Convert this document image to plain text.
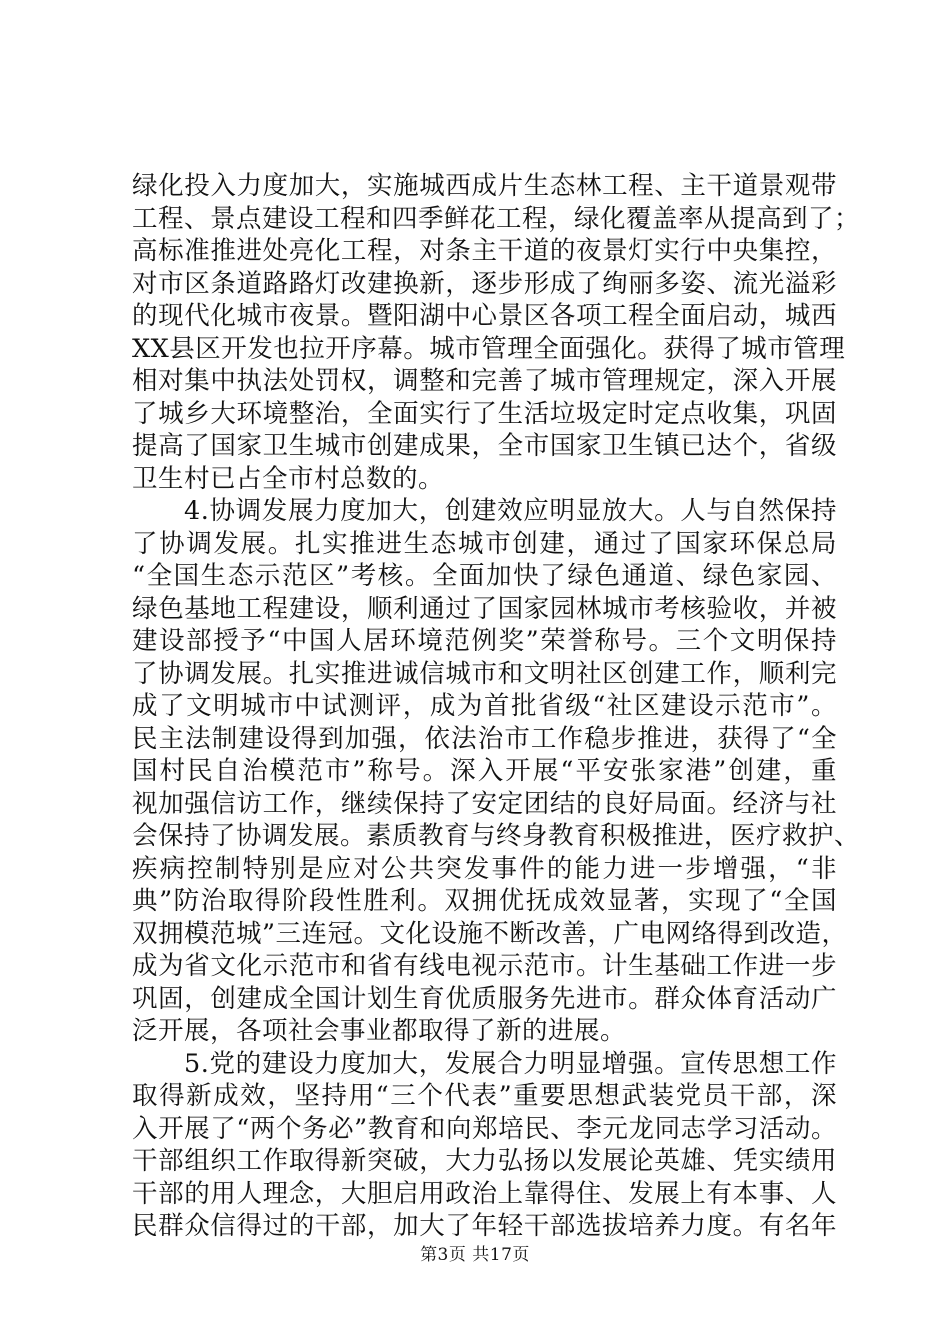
绿化投入力度加大，实施城西成片生态林工程、主干道景观带
工程、景点建设工程和四季鲜花工程，绿化覆盖率从提高到了；
高标准推进处亮化工程，对条主干道的夜景灯实行中央集控，
对市区条道路路灯改建换新，逐步形成了绚丽多姿、流光溢彩
的现代化城市夜景。暨阳湖中心景区各项工程全面启动，城西
XX县区开发也拉开序幕。城市管理全面强化。获得了城市管理
相对集中执法处罚权，调整和完善了城市管理规定，深入开展
了城乡大环境整治，全面实行了生活垃圾定时定点收集，巩固
提高了国家卫生城市创建成果，全市国家卫生镇已达个，省级
卫生村已占全市村总数的。
4.协调发展力度加大，创建效应明显放大。人与自然保持
了协调发展。扎实推进生态城市创建，通过了国家环保总局
“全国生态示范区”考核。全面加快了绿色通道、绿色家园、
绿色基地工程建设，顺利通过了国家园林城市考核验收，并被
建设部授予“中国人居环境范例奖”荣誉称号。三个文明保持
了协调发展。扎实推进诚信城市和文明社区创建工作，顺利完
成了文明城市中试测评，成为首批省级“社区建设示范市”。
民主法制建设得到加强，依法治市工作稳步推进，获得了“全
国村民自治模范市”称号。深入开展“平安张家港”创建，重
视加强信访工作，继续保持了安定团结的良好局面。经济与社
会保持了协调发展。素质教育与终身教育积极推进，医疗救护、
疾病控制特别是应对公共突发事件的能力进一步增强，“非
典”防治取得阶段性胜利。双拥优抚成效显著，实现了“全国
双拥模范城”三连冠。文化设施不断改善，广电网络得到改造，
成为省文化示范市和省有线电视示范市。计生基础工作进一步
巩固，创建成全国计划生育优质服务先进市。群众体育活动广
泛开展，各项社会事业都取得了新的进展。
5.党的建设力度加大，发展合力明显增强。宣传思想工作
取得新成效，坚持用“三个代表”重要思想武装党员干部，深
入开展了“两个务必”教育和向郑培民、李元龙同志学习活动。
干部组织工作取得新突破，大力弘扬以发展论英雄、凭实绩用
干部的用人理念，大胆启用政治上靠得住、发展上有本事、人
民群众信得过的干部，加大了年轻干部选拔培养力度。有名年
第3页 共17页
